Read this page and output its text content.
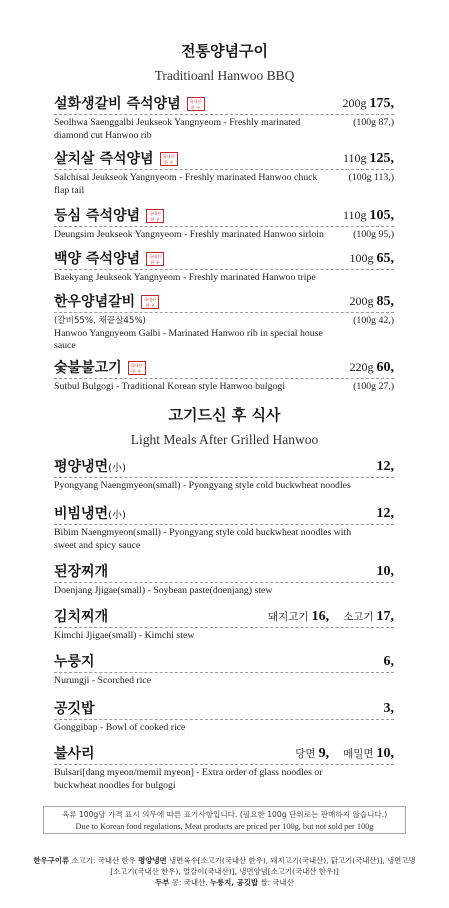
전통양념구이
Traditioanl Hanwoo BBQ
설화생갈비 즉석양념 국내산
한 우	200g 175,
Seolhwa Saenggalbi Jeukseok Yangnyeom - Freshly marinated diamond cut Hanwoo rib
(100g 87,)
살치살 즉석양념 국내산
한 우	110g 125,
Salchisal Jeukseok Yangnyeom - Freshly marinated Hanwoo chuck flap tail
(100g 113,)
등심 즉석양념 국내산
한 우	110g 105,
Deungsim Jeukseok Yangnyeom - Freshly marinated Hanwoo sirloin	(100g 95,)
백양 즉석양념 국내산
한 우	100g 65,
Baekyang Jeukseok Yangnyeom - Freshly marinated Hanwoo tripe
한우양념갈비 국내산
한 우	200g 85,
(갈비55%, 채끝살45%)
Hanwoo Yangnyeom Galbi - Marinated Hanwoo rib in special house sauce
(100g 42,)
숯불불고기 국내산
한 우	220g 60,
Sutbul Bulgogi - Traditional Korean style Hanwoo bulgogi	(100g 27,)
고기드신 후 식사
Light Meals After Grilled Hanwoo
평양냉면(小)	12,
Pyongyang Naengmyeon(small) - Pyongyang style cold buckwheat noodles
비빔냉면(小)	12,
Bibim Naengmyeon(small) - Pyongyang style cold buckwheat noodles with sweet and spicy sauce
된장찌개	10,
Doenjang Jjigae(small) - Soybean paste(doenjang) stew
김치찌개	돼지고기 16, 소고기 17,
Kimchi Jjigae(small) - Kimchi stew
누룽지	6,
Nurungji - Scorched rice
공깃밥	3,
Gonggibap - Bowl of cooked rice
불사리	당면 9, 메밀면 10,
Bulsari[dang myeon/memil myeon] - Extra order of glass noodles or buckwheat noodles for bulgogi
육류 100g당 가격 표시 의무에 따른 표기사항입니다. (필요한 100g 단위로는 판매하지 않습니다.)
Due to Korean food regulations, Meat products are priced per 100g, but not sold per 100g
한우구이류 소고기: 국내산 한우 평양냉면 냉면육수[소고기(국내산 한우), 돼지고기(국내산), 닭고기(국내산)], 냉면고명[소고기(국내산 한우), 얼갈이(국내산)], 냉면양념[소고기(국내산 한우)]
두부 콩: 국내산, 누룽지, 공깃밥 쌀: 국내산
